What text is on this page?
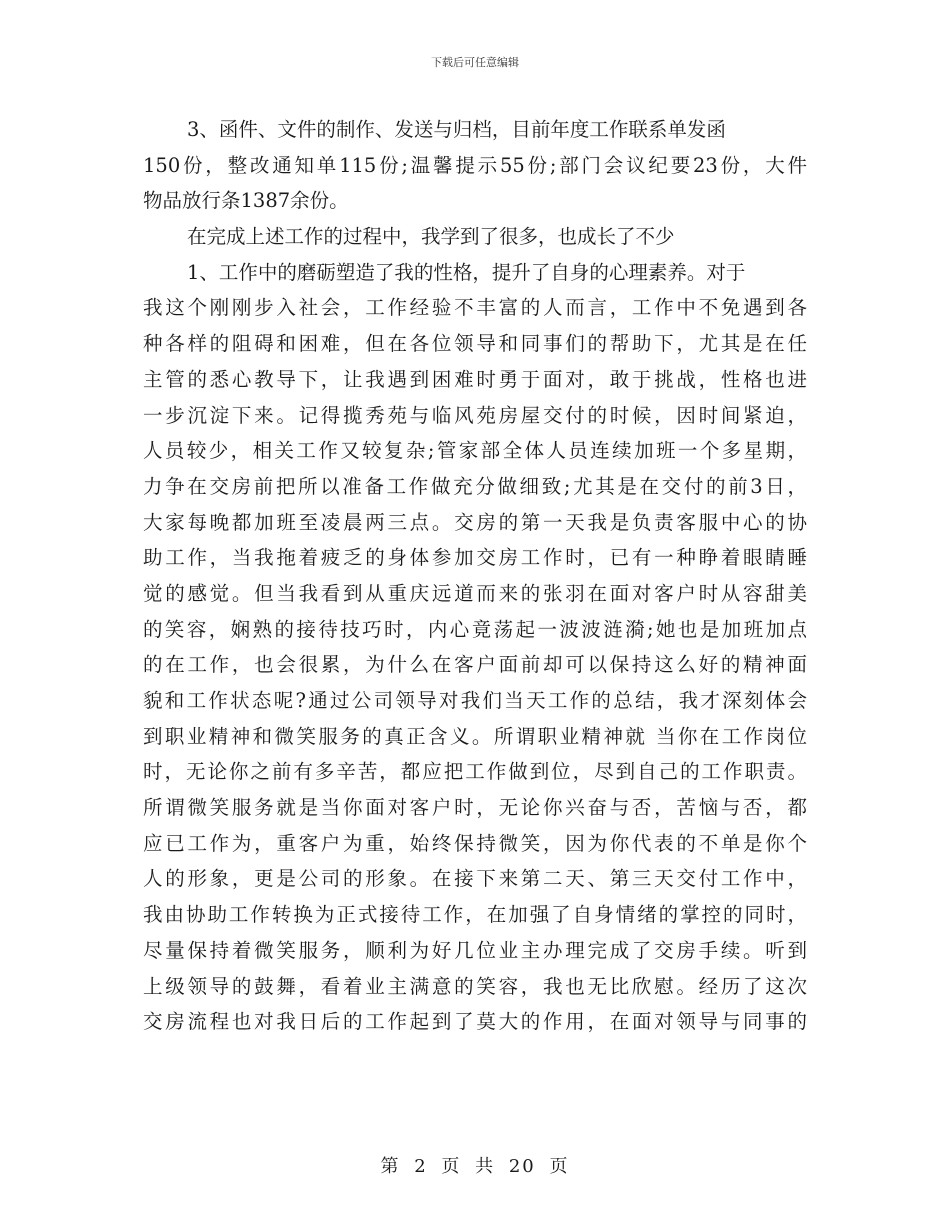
下载后可任意编辑
3、函件、文件的制作、发送与归档，目前年度工作联系单发函
150份，整改通知单115份;温馨提示55份;部门会议纪要23份，大件
物品放行条1387余份。
在完成上述工作的过程中，我学到了很多，也成长了不少
1、工作中的磨砺塑造了我的性格，提升了自身的心理素养。对于
我这个刚刚步入社会，工作经验不丰富的人而言，工作中不免遇到各
种各样的阻碍和困难，但在各位领导和同事们的帮助下，尤其是在任
主管的悉心教导下，让我遇到困难时勇于面对，敢于挑战，性格也进
一步沉淀下来。记得揽秀苑与临风苑房屋交付的时候，因时间紧迫，
人员较少，相关工作又较复杂;管家部全体人员连续加班一个多星期，
力争在交房前把所以准备工作做充分做细致;尤其是在交付的前3日，
大家每晚都加班至凌晨两三点。交房的第一天我是负责客服中心的协
助工作，当我拖着疲乏的身体参加交房工作时，已有一种睁着眼睛睡
觉的感觉。但当我看到从重庆远道而来的张羽在面对客户时从容甜美
的笑容，娴熟的接待技巧时，内心竟荡起一波波涟漪;她也是加班加点
的在工作，也会很累，为什么在客户面前却可以保持这么好的精神面
貌和工作状态呢?通过公司领导对我们当天工作的总结，我才深刻体会
到职业精神和微笑服务的真正含义。所谓职业精神就 当你在工作岗位
时，无论你之前有多辛苦，都应把工作做到位，尽到自己的工作职责。
所谓微笑服务就是当你面对客户时，无论你兴奋与否，苦恼与否，都
应已工作为，重客户为重，始终保持微笑，因为你代表的不单是你个
人的形象，更是公司的形象。在接下来第二天、第三天交付工作中，
我由协助工作转换为正式接待工作，在加强了自身情绪的掌控的同时，
尽量保持着微笑服务，顺利为好几位业主办理完成了交房手续。听到
上级领导的鼓舞，看着业主满意的笑容，我也无比欣慰。经历了这次
交房流程也对我日后的工作起到了莫大的作用，在面对领导与同事的
第 2 页 共 20 页
